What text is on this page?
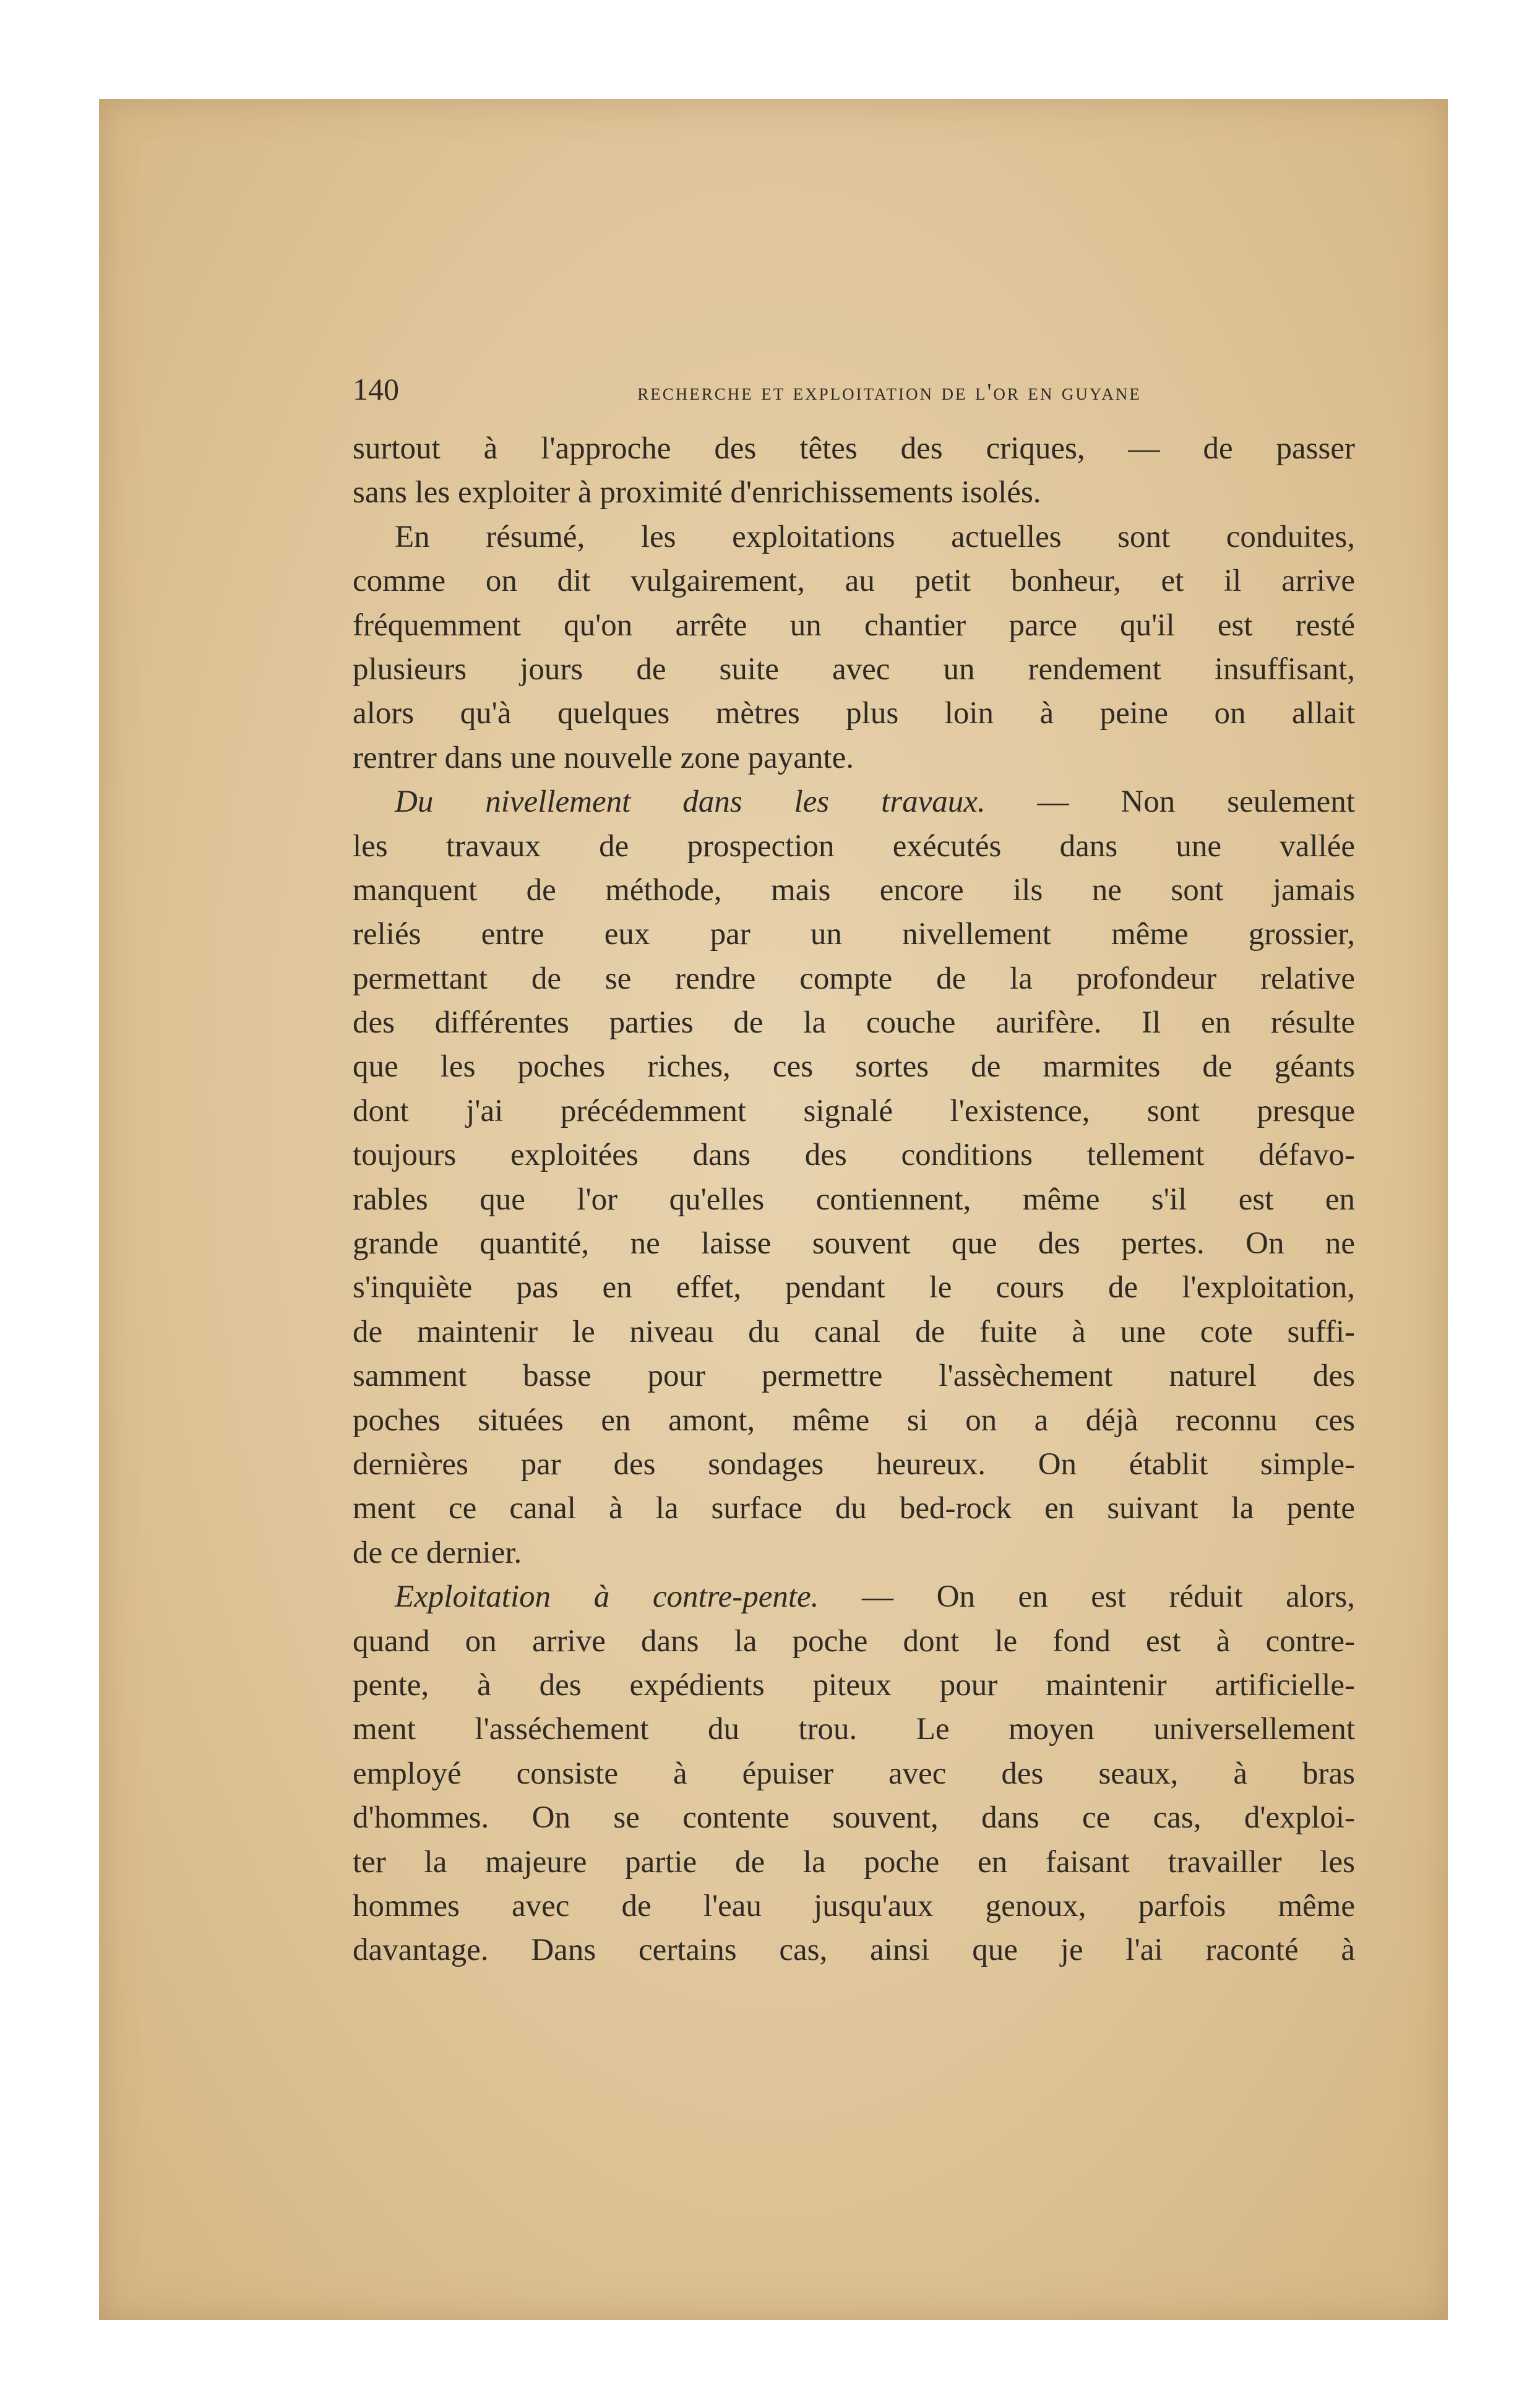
140	recherche et exploitation de l'or en guyane
surtout à l'approche des têtes des criques, — de passer
sans les exploiter à proximité d'enrichissements isolés.
En résumé, les exploitations actuelles sont conduites,
comme on dit vulgairement, au petit bonheur, et il arrive
fréquemment qu'on arrête un chantier parce qu'il est resté
plusieurs jours de suite avec un rendement insuffisant,
alors qu'à quelques mètres plus loin à peine on allait
rentrer dans une nouvelle zone payante.
Du nivellement dans les travaux. — Non seulement
les travaux de prospection exécutés dans une vallée
manquent de méthode, mais encore ils ne sont jamais
reliés entre eux par un nivellement même grossier,
permettant de se rendre compte de la profondeur relative
des différentes parties de la couche aurifère. Il en résulte
que les poches riches, ces sortes de marmites de géants
dont j'ai précédemment signalé l'existence, sont presque
toujours exploitées dans des conditions tellement défavo-
rables que l'or qu'elles contiennent, même s'il est en
grande quantité, ne laisse souvent que des pertes. On ne
s'inquiète pas en effet, pendant le cours de l'exploitation,
de maintenir le niveau du canal de fuite à une cote suffi-
samment basse pour permettre l'assèchement naturel des
poches situées en amont, même si on a déjà reconnu ces
dernières par des sondages heureux. On établit simple-
ment ce canal à la surface du bed-rock en suivant la pente
de ce dernier.
Exploitation à contre-pente. — On en est réduit alors,
quand on arrive dans la poche dont le fond est à contre-
pente, à des expédients piteux pour maintenir artificielle-
ment l'asséchement du trou. Le moyen universellement
employé consiste à épuiser avec des seaux, à bras
d'hommes. On se contente souvent, dans ce cas, d'exploi-
ter la majeure partie de la poche en faisant travailler les
hommes avec de l'eau jusqu'aux genoux, parfois même
davantage. Dans certains cas, ainsi que je l'ai raconté à
